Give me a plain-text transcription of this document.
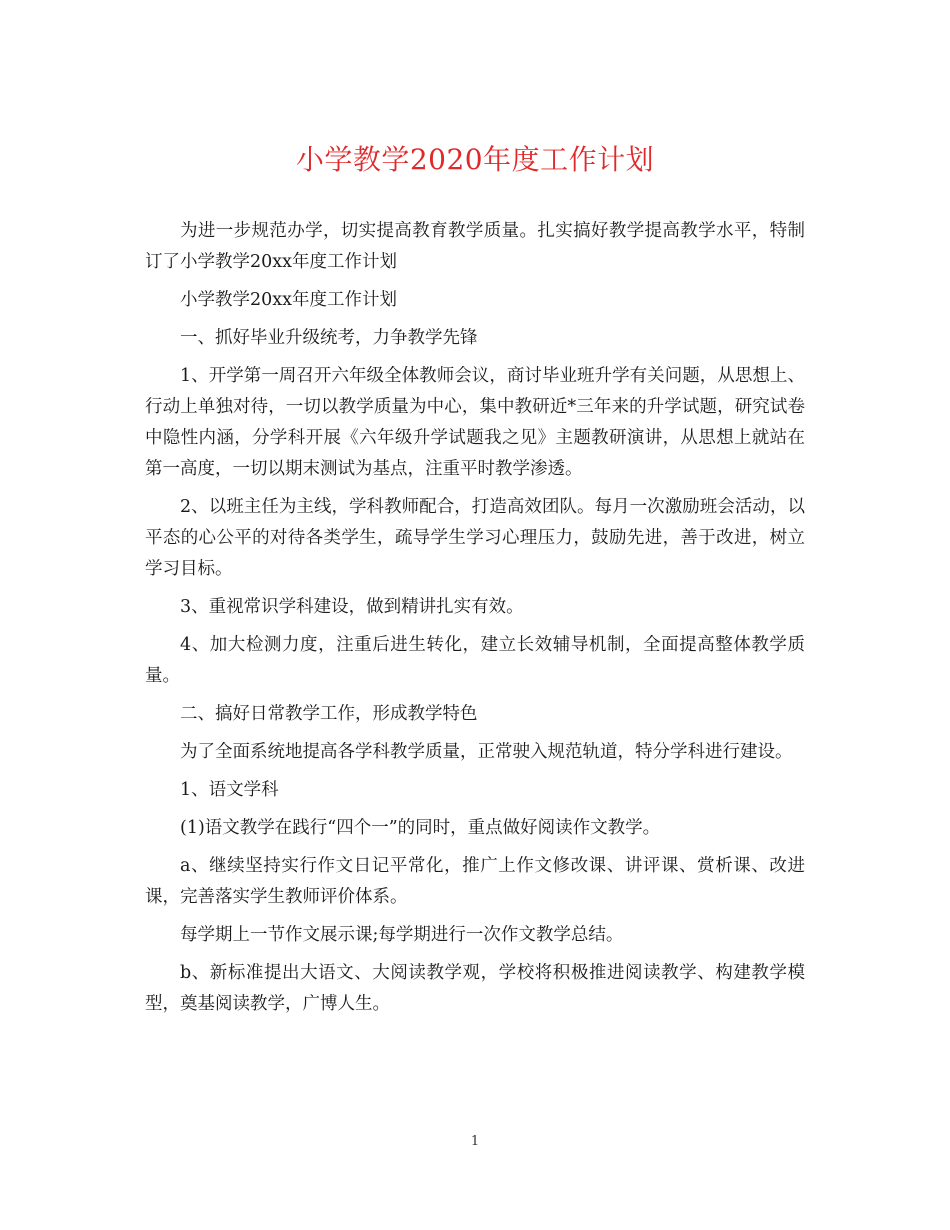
小学教学2020年度工作计划

为进一步规范办学，切实提高教育教学质量。扎实搞好教学提高教学水平，特制订了小学教学20xx年度工作计划

小学教学20xx年度工作计划

一、抓好毕业升级统考，力争教学先锋

1、开学第一周召开六年级全体教师会议，商讨毕业班升学有关问题，从思想上、行动上单独对待，一切以教学质量为中心，集中教研近*三年来的升学试题，研究试卷中隐性内涵，分学科开展《六年级升学试题我之见》主题教研演讲，从思想上就站在第一高度，一切以期末测试为基点，注重平时教学渗透。

2、以班主任为主线，学科教师配合，打造高效团队。每月一次激励班会活动，以平态的心公平的对待各类学生，疏导学生学习心理压力，鼓励先进，善于改进，树立学习目标。

3、重视常识学科建设，做到精讲扎实有效。

4、加大检测力度，注重后进生转化，建立长效辅导机制，全面提高整体教学质量。

二、搞好日常教学工作，形成教学特色

为了全面系统地提高各学科教学质量，正常驶入规范轨道，特分学科进行建设。

1、语文学科

(1)语文教学在践行“四个一”的同时，重点做好阅读作文教学。

a、继续坚持实行作文日记平常化，推广上作文修改课、讲评课、赏析课、改进课，完善落实学生教师评价体系。

每学期上一节作文展示课;每学期进行一次作文教学总结。

b、新标准提出大语文、大阅读教学观，学校将积极推进阅读教学、构建教学模型，奠基阅读教学，广博人生。

1
